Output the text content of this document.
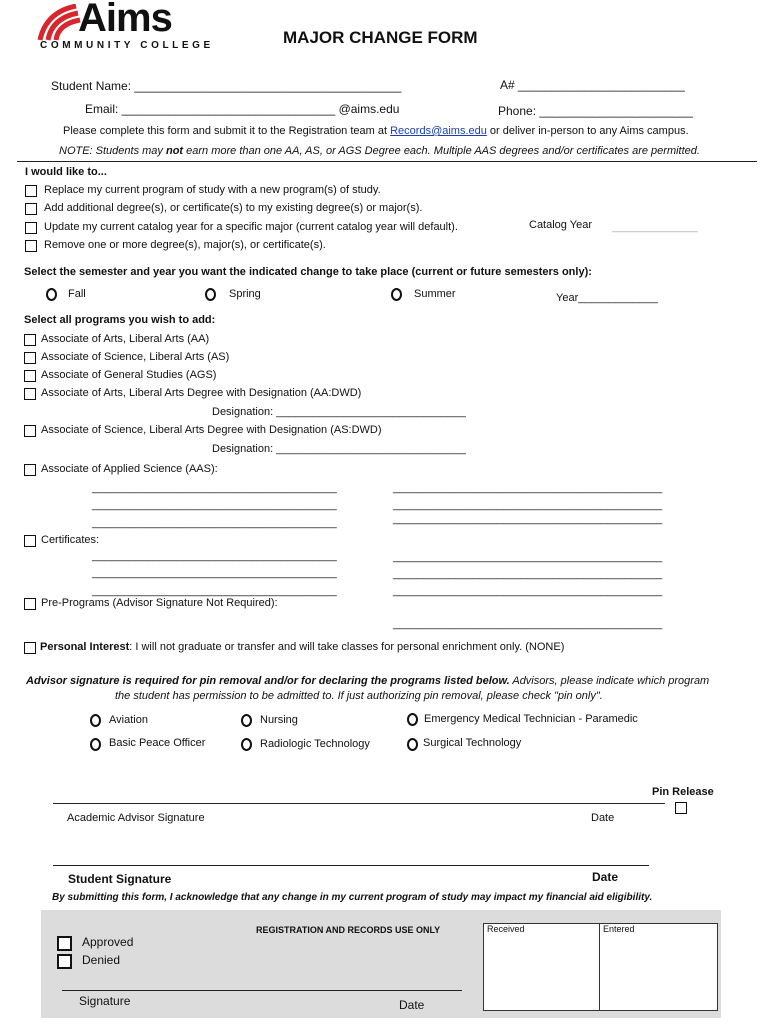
Aims
COMMUNITY COLLEGE	MAJOR CHANGE FORM
Student Name: ________________________________________	A# _________________________
Email: ________________________________ @aims.edu	Phone: _______________________
Please complete this form and submit it to the Registration team at Records@aims.edu or deliver in-person to any Aims campus.
NOTE: Students may not earn more than one AA, AS, or AGS Degree each. Multiple AAS degrees and/or certificates are permitted.
I would like to...
Replace my current program of study with a new program(s) of study.
Add additional degree(s), or certificate(s) to my existing degree(s) or major(s).
Update my current catalog year for a specific major (current catalog year will default).
Remove one or more degree(s), major(s), or certificate(s).
Catalog Year ______________
Select the semester and year you want the indicated change to take place (current or future semesters only):
Fall	Spring	Summer	Year_____________
Select all programs you wish to add:
Associate of Arts, Liberal Arts (AA)
Associate of Science, Liberal Arts (AS)
Associate of General Studies (AGS)
Associate of Arts, Liberal Arts Degree with Designation (AA:DWD)
Designation: _______________________________
Associate of Science, Liberal Arts Degree with Designation (AS:DWD)
Designation: _______________________________
Associate of Applied Science (AAS):
________________________________________
________________________________________
________________________________________
____________________________________________
____________________________________________
____________________________________________
Certificates:
________________________________________
________________________________________
________________________________________
____________________________________________
____________________________________________
____________________________________________
Pre-Programs (Advisor Signature Not Required):
____________________________________________
Personal Interest: I will not graduate or transfer and will take classes for personal enrichment only. (NONE)
Advisor signature is required for pin removal and/or for declaring the programs listed below. Advisors, please indicate which program
the student has permission to be admitted to. If just authorizing pin removal, please check "pin only".
Aviation	Nursing	Emergency Medical Technician - Paramedic
Basic Peace Officer	Radiologic Technology	Surgical Technology
Pin Release
Academic Advisor Signature	Date
Student Signature	Date
By submitting this form, I acknowledge that any change in my current program of study may impact my financial aid eligibility.
REGISTRATION AND RECORDS USE ONLY
Approved
Denied
Signature	Date
Received	Entered
